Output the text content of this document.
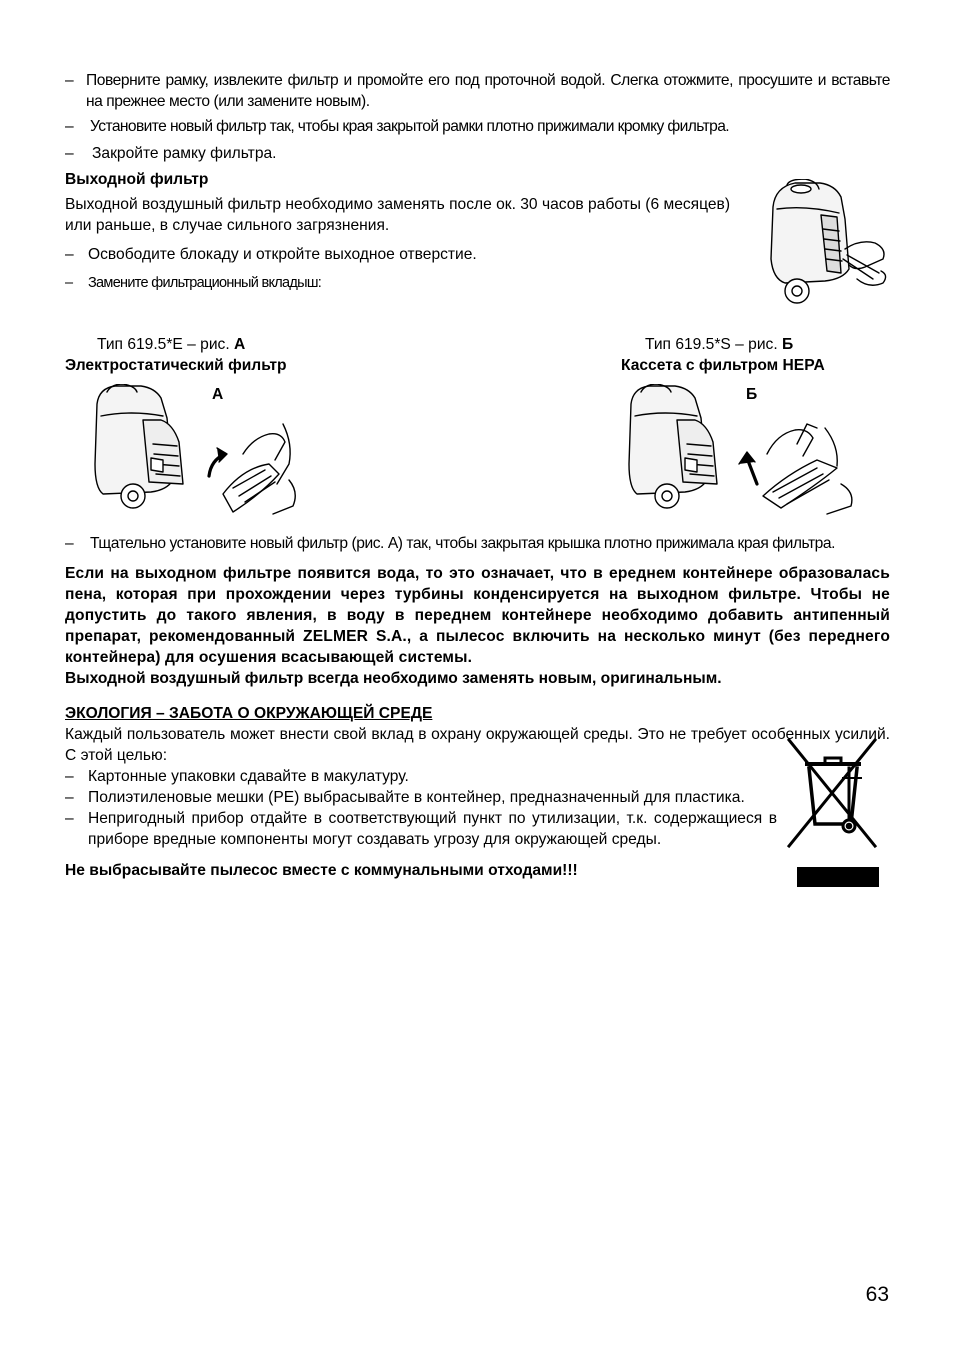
– Поверните рамку, извлеките фильтр и промойте его под проточной водой. Слегка отожмите, просушите и вставьте на прежнее место (или замените новым).
– Установите новый фильтр так, чтобы края закрытой рамки плотно прижимали кромку фильтра.
– Закройте рамку фильтра.
Выходной фильтр
Выходной воздушный фильтр необходимо заменять после ок. 30 часов работы (6 месяцев) или раньше, в случае сильного загрязнения.
– Освободите блокаду и откройте выходное отверстие.
– Замените фильтрационный вкладыш:
Тип 619.5*E – рис. A
Электростатический фильтр
Тип 619.5*S – рис. Б
Кассета с фильтром HEPA
A	Б
– Тщательно установите новый фильтр (рис. A) так, чтобы закрытая крышка плотно прижимала края фильтра.
Если на выходном фильтре появится вода, то это означает, что в ереднем контейнере образовалась пена, которая при прохождении через турбины конденсируется на выходном фильтре. Чтобы не допустить до такого явления, в воду в переднем контейнере необходимо добавить антипенный препарат, рекомендованный ZELMER S.A., а пылесос включить на несколько минут (без переднего контейнера) для осушения всасывающей системы.
Выходной воздушный фильтр всегда необходимо заменять новым, оригинальным.
ЭКОЛОГИЯ – ЗАБОТА О ОКРУЖАЮЩЕЙ СРЕДЕ
Каждый пользователь может внести свой вклад в охрану окружающей среды. Это не требует особенных усилий. С этой целью:
– Картонные упаковки сдавайте в макулатуру.
– Полиэтиленовые мешки (PE) выбрасывайте в контейнер, предназначенный для пластика.
– Непригодный прибор отдайте в соответствующий пункт по утилизации, т.к. содержащиеся в приборе вредные компоненты могут создавать угрозу для окружающей среды.
Не выбрасывайте пылесос вместе с коммунальными отходами!!!
63
